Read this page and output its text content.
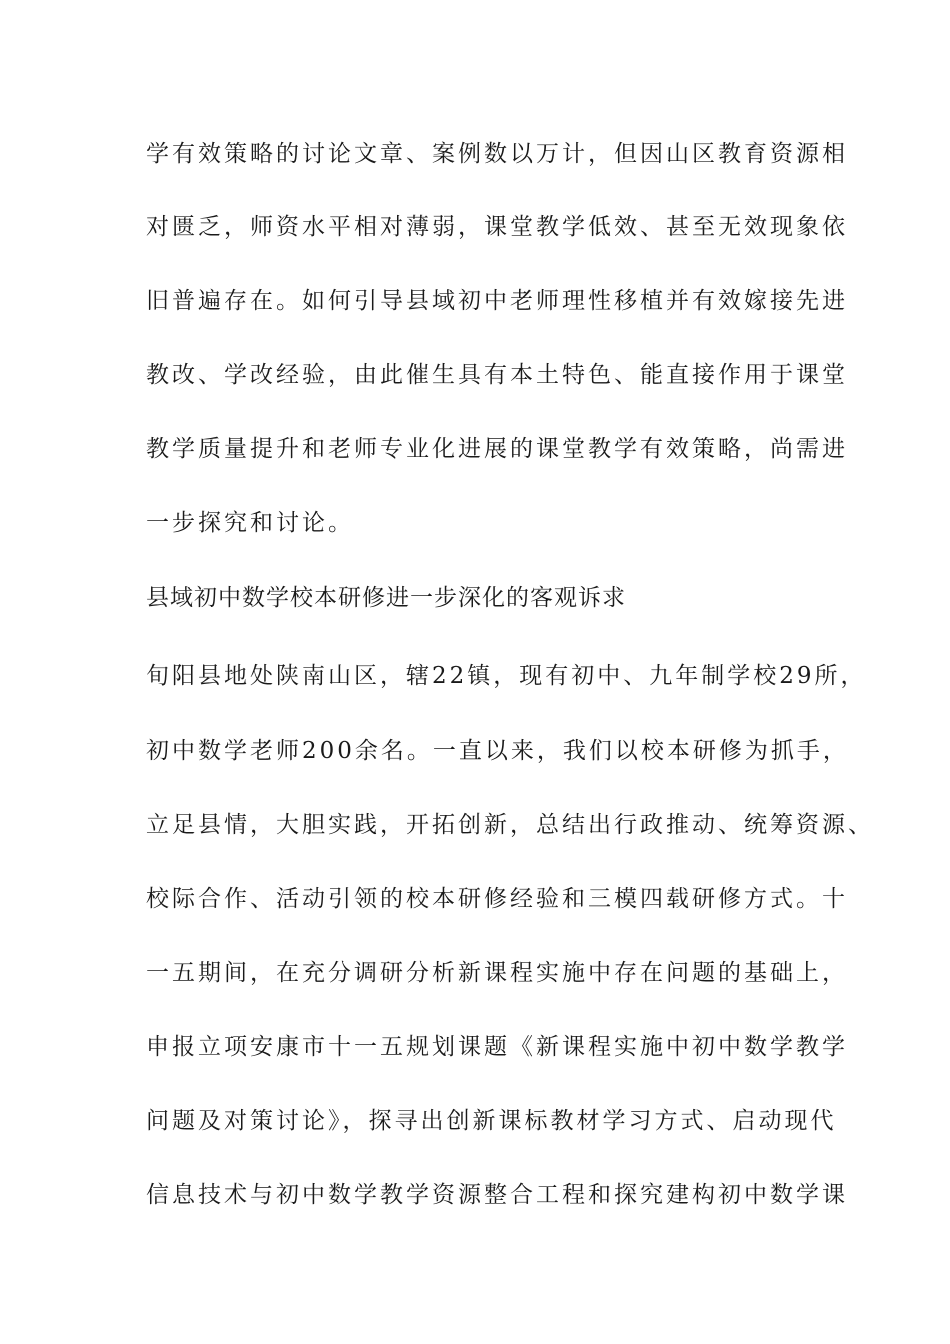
学有效策略的讨论文章、案例数以万计，但因山区教育资源相

对匮乏，师资水平相对薄弱，课堂教学低效、甚至无效现象依

旧普遍存在。如何引导县域初中老师理性移植并有效嫁接先进

教改、学改经验，由此催生具有本土特色、能直接作用于课堂

教学质量提升和老师专业化进展的课堂教学有效策略，尚需进

一步探究和讨论。

县域初中数学校本研修进一步深化的客观诉求

旬阳县地处陕南山区，辖22镇，现有初中、九年制学校29所，

初中数学老师200余名。一直以来，我们以校本研修为抓手，

立足县情，大胆实践，开拓创新，总结出行政推动、统筹资源、

校际合作、活动引领的校本研修经验和三模四载研修方式。十

一五期间，在充分调研分析新课程实施中存在问题的基础上，

申报立项安康市十一五规划课题《新课程实施中初中数学教学

问题及对策讨论》，探寻出创新课标教材学习方式、启动现代

信息技术与初中数学教学资源整合工程和探究建构初中数学课
